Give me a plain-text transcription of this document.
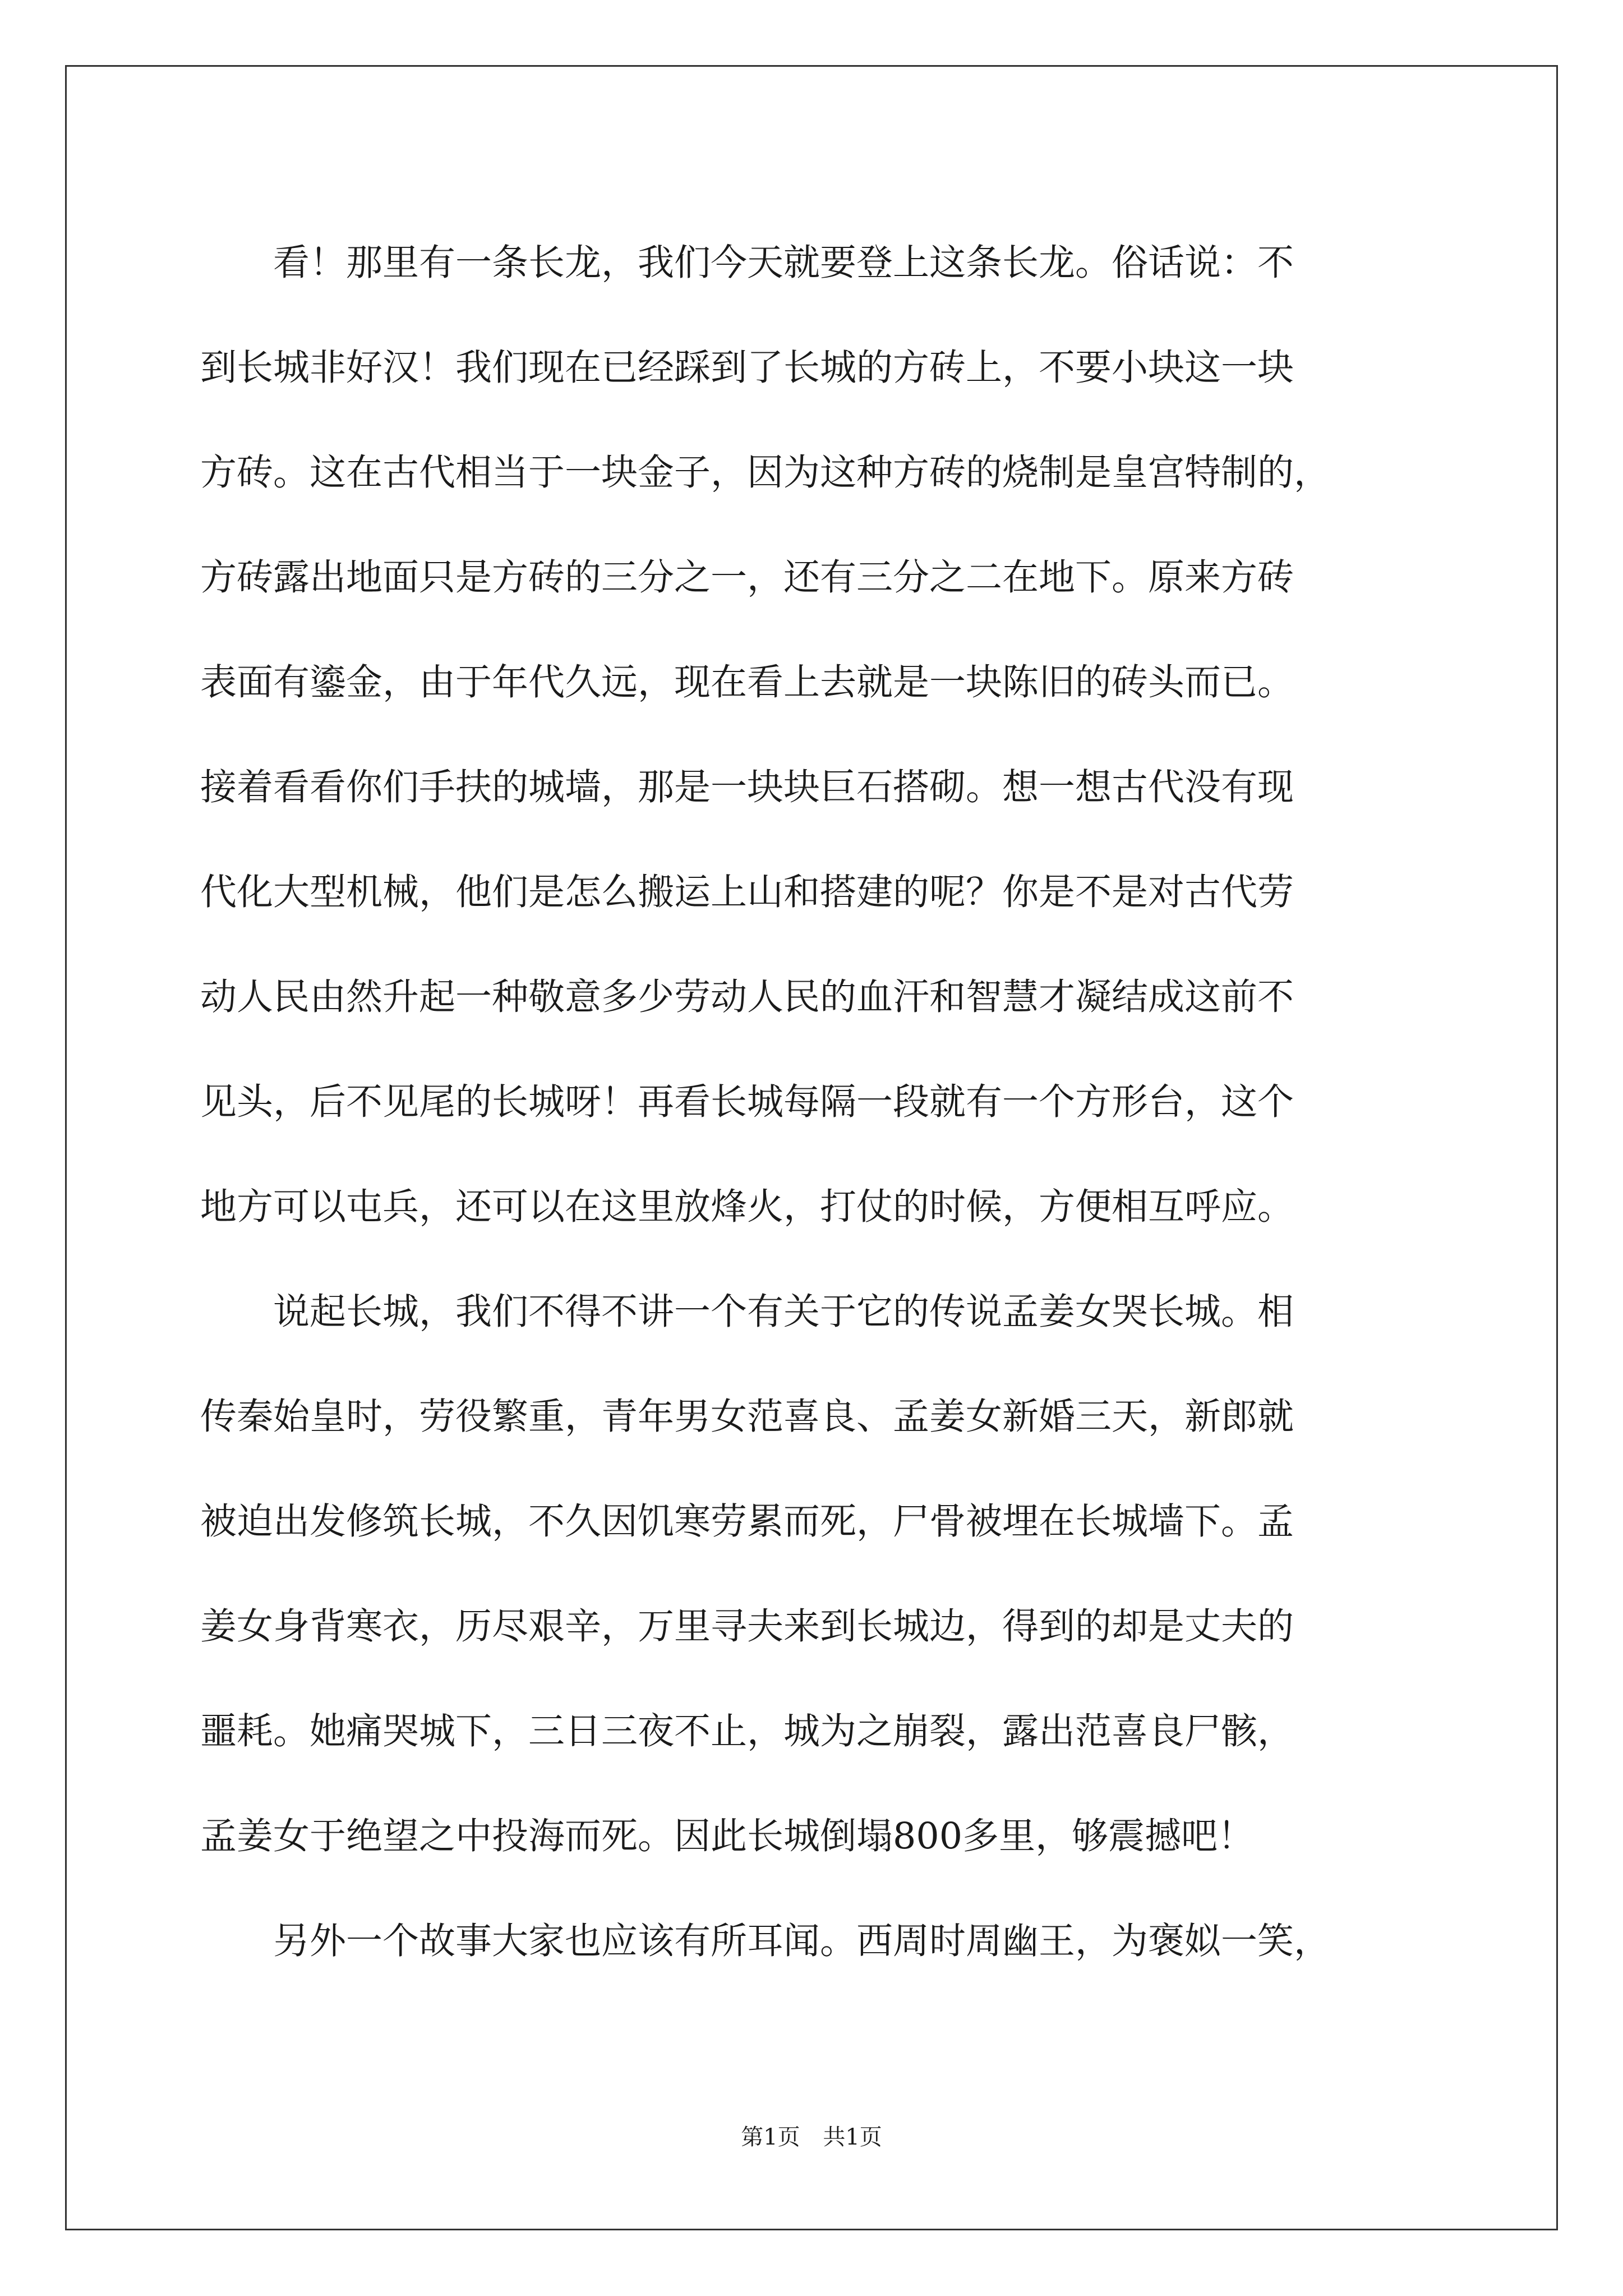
　　看！那里有一条长龙，我们今天就要登上这条长龙。俗话说：不
到长城非好汉！我们现在已经踩到了长城的方砖上，不要小块这一块
方砖。这在古代相当于一块金子，因为这种方砖的烧制是皇宫特制的，
方砖露出地面只是方砖的三分之一，还有三分之二在地下。原来方砖
表面有鎏金，由于年代久远，现在看上去就是一块陈旧的砖头而已。
接着看看你们手扶的城墙，那是一块块巨石搭砌。想一想古代没有现
代化大型机械，他们是怎么搬运上山和搭建的呢？你是不是对古代劳
动人民由然升起一种敬意多少劳动人民的血汗和智慧才凝结成这前不
见头，后不见尾的长城呀！再看长城每隔一段就有一个方形台，这个
地方可以屯兵，还可以在这里放烽火，打仗的时候，方便相互呼应。
　　说起长城，我们不得不讲一个有关于它的传说孟姜女哭长城。相
传秦始皇时，劳役繁重，青年男女范喜良、孟姜女新婚三天，新郎就
被迫出发修筑长城，不久因饥寒劳累而死，尸骨被埋在长城墙下。孟
姜女身背寒衣，历尽艰辛，万里寻夫来到长城边，得到的却是丈夫的
噩耗。她痛哭城下，三日三夜不止，城为之崩裂，露出范喜良尸骸，
孟姜女于绝望之中投海而死。因此长城倒塌800多里，够震撼吧！
　　另外一个故事大家也应该有所耳闻。西周时周幽王，为褒姒一笑，
第1页 共1页
